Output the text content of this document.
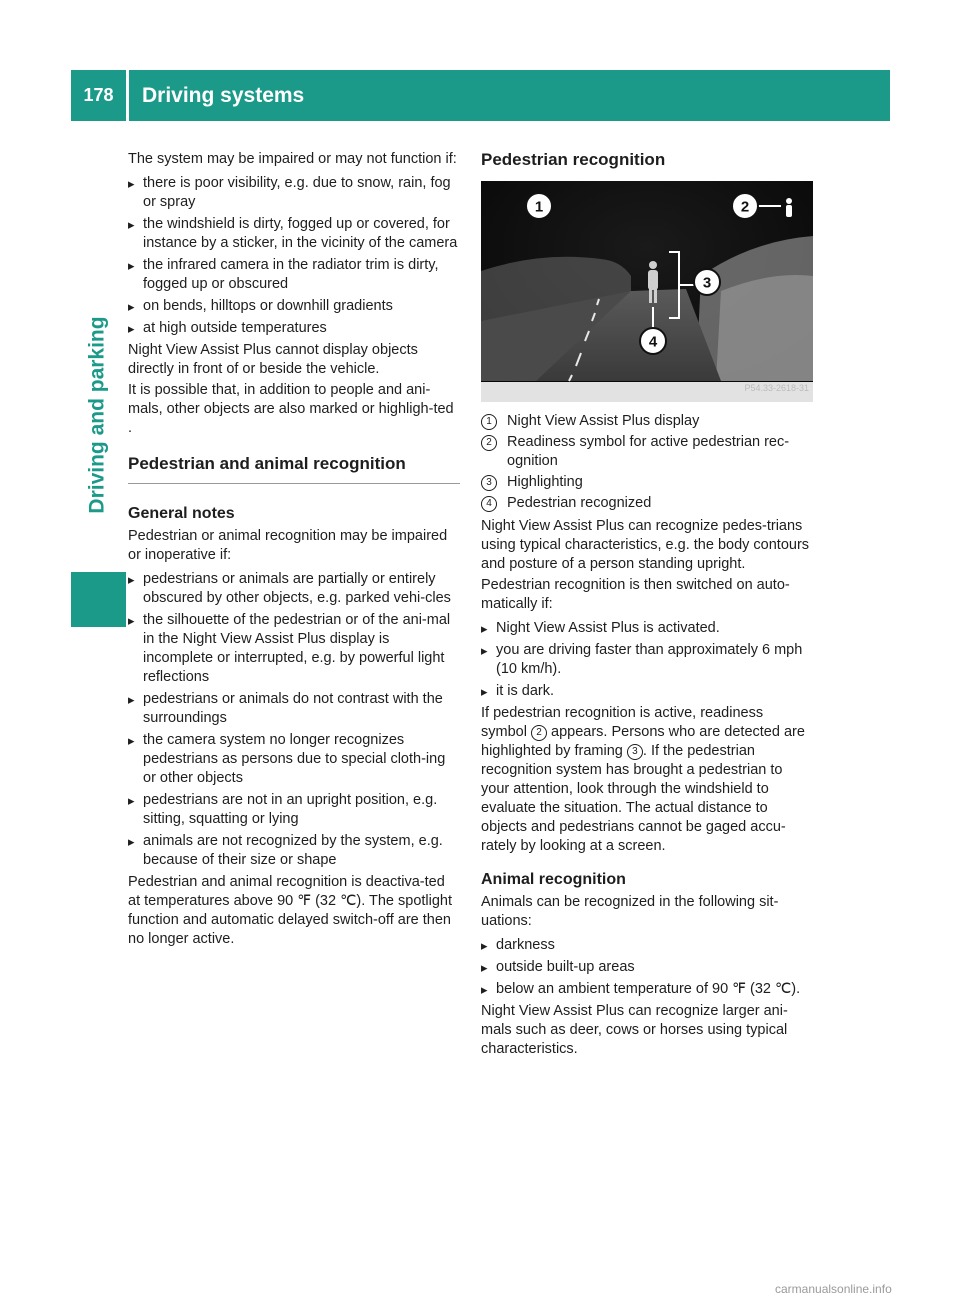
178	Driving systems
Driving and parking

The system may be impaired or may not function if:

▸ there is poor visibility, e.g. due to snow, rain, fog or spray
▸ the windshield is dirty, fogged up or covered, for instance by a sticker, in the vicinity of the camera
▸ the infrared camera in the radiator trim is dirty, fogged up or obscured
▸ on bends, hilltops or downhill gradients
▸ at high outside temperatures

Night View Assist Plus cannot display objects directly in front of or beside the vehicle.

It is possible that, in addition to people and ani-mals, other objects are also marked or highligh-ted .

Pedestrian and animal recognition
General notes

Pedestrian or animal recognition may be impaired or inoperative if:

▸ pedestrians or animals are partially or entirely obscured by other objects, e.g. parked vehi-cles
▸ the silhouette of the pedestrian or of the ani-mal in the Night View Assist Plus display is incomplete or interrupted, e.g. by powerful light reflections
▸ pedestrians or animals do not contrast with the surroundings
▸ the camera system no longer recognizes pedestrians as persons due to special cloth-ing or other objects
▸ pedestrians are not in an upright position, e.g. sitting, squatting or lying
▸ animals are not recognized by the system, e.g. because of their size or shape

Pedestrian and animal recognition is deactiva-ted at temperatures above 90 ℉ (32 ℃). The spotlight function and automatic delayed switch-off are then no longer active.

Pedestrian recognition
1	2
3
4
P54.33-2618-31
1	Night View Assist Plus display
2	Readiness symbol for active pedestrian rec-ognition
3	Highlighting
4	Pedestrian recognized

Night View Assist Plus can recognize pedes-trians using typical characteristics, e.g. the body contours and posture of a person standing upright.

Pedestrian recognition is then switched on auto-matically if:

▸ Night View Assist Plus is activated.
▸ you are driving faster than approximately 6 mph (10 km/h).
▸ it is dark.

If pedestrian recognition is active, readiness symbol 2 appears. Persons who are detected are highlighted by framing 3 . If the pedestrian recognition system has brought a pedestrian to your attention, look through the windshield to evaluate the situation. The actual distance to objects and pedestrians cannot be gaged accu-rately by looking at a screen.

Animal recognition

Animals can be recognized in the following sit-uations:

▸ darkness
▸ outside built-up areas
▸ below an ambient temperature of 90 ℉ (32 ℃).

Night View Assist Plus can recognize larger ani-mals such as deer, cows or horses using typical characteristics.

carmanualsonline.info
